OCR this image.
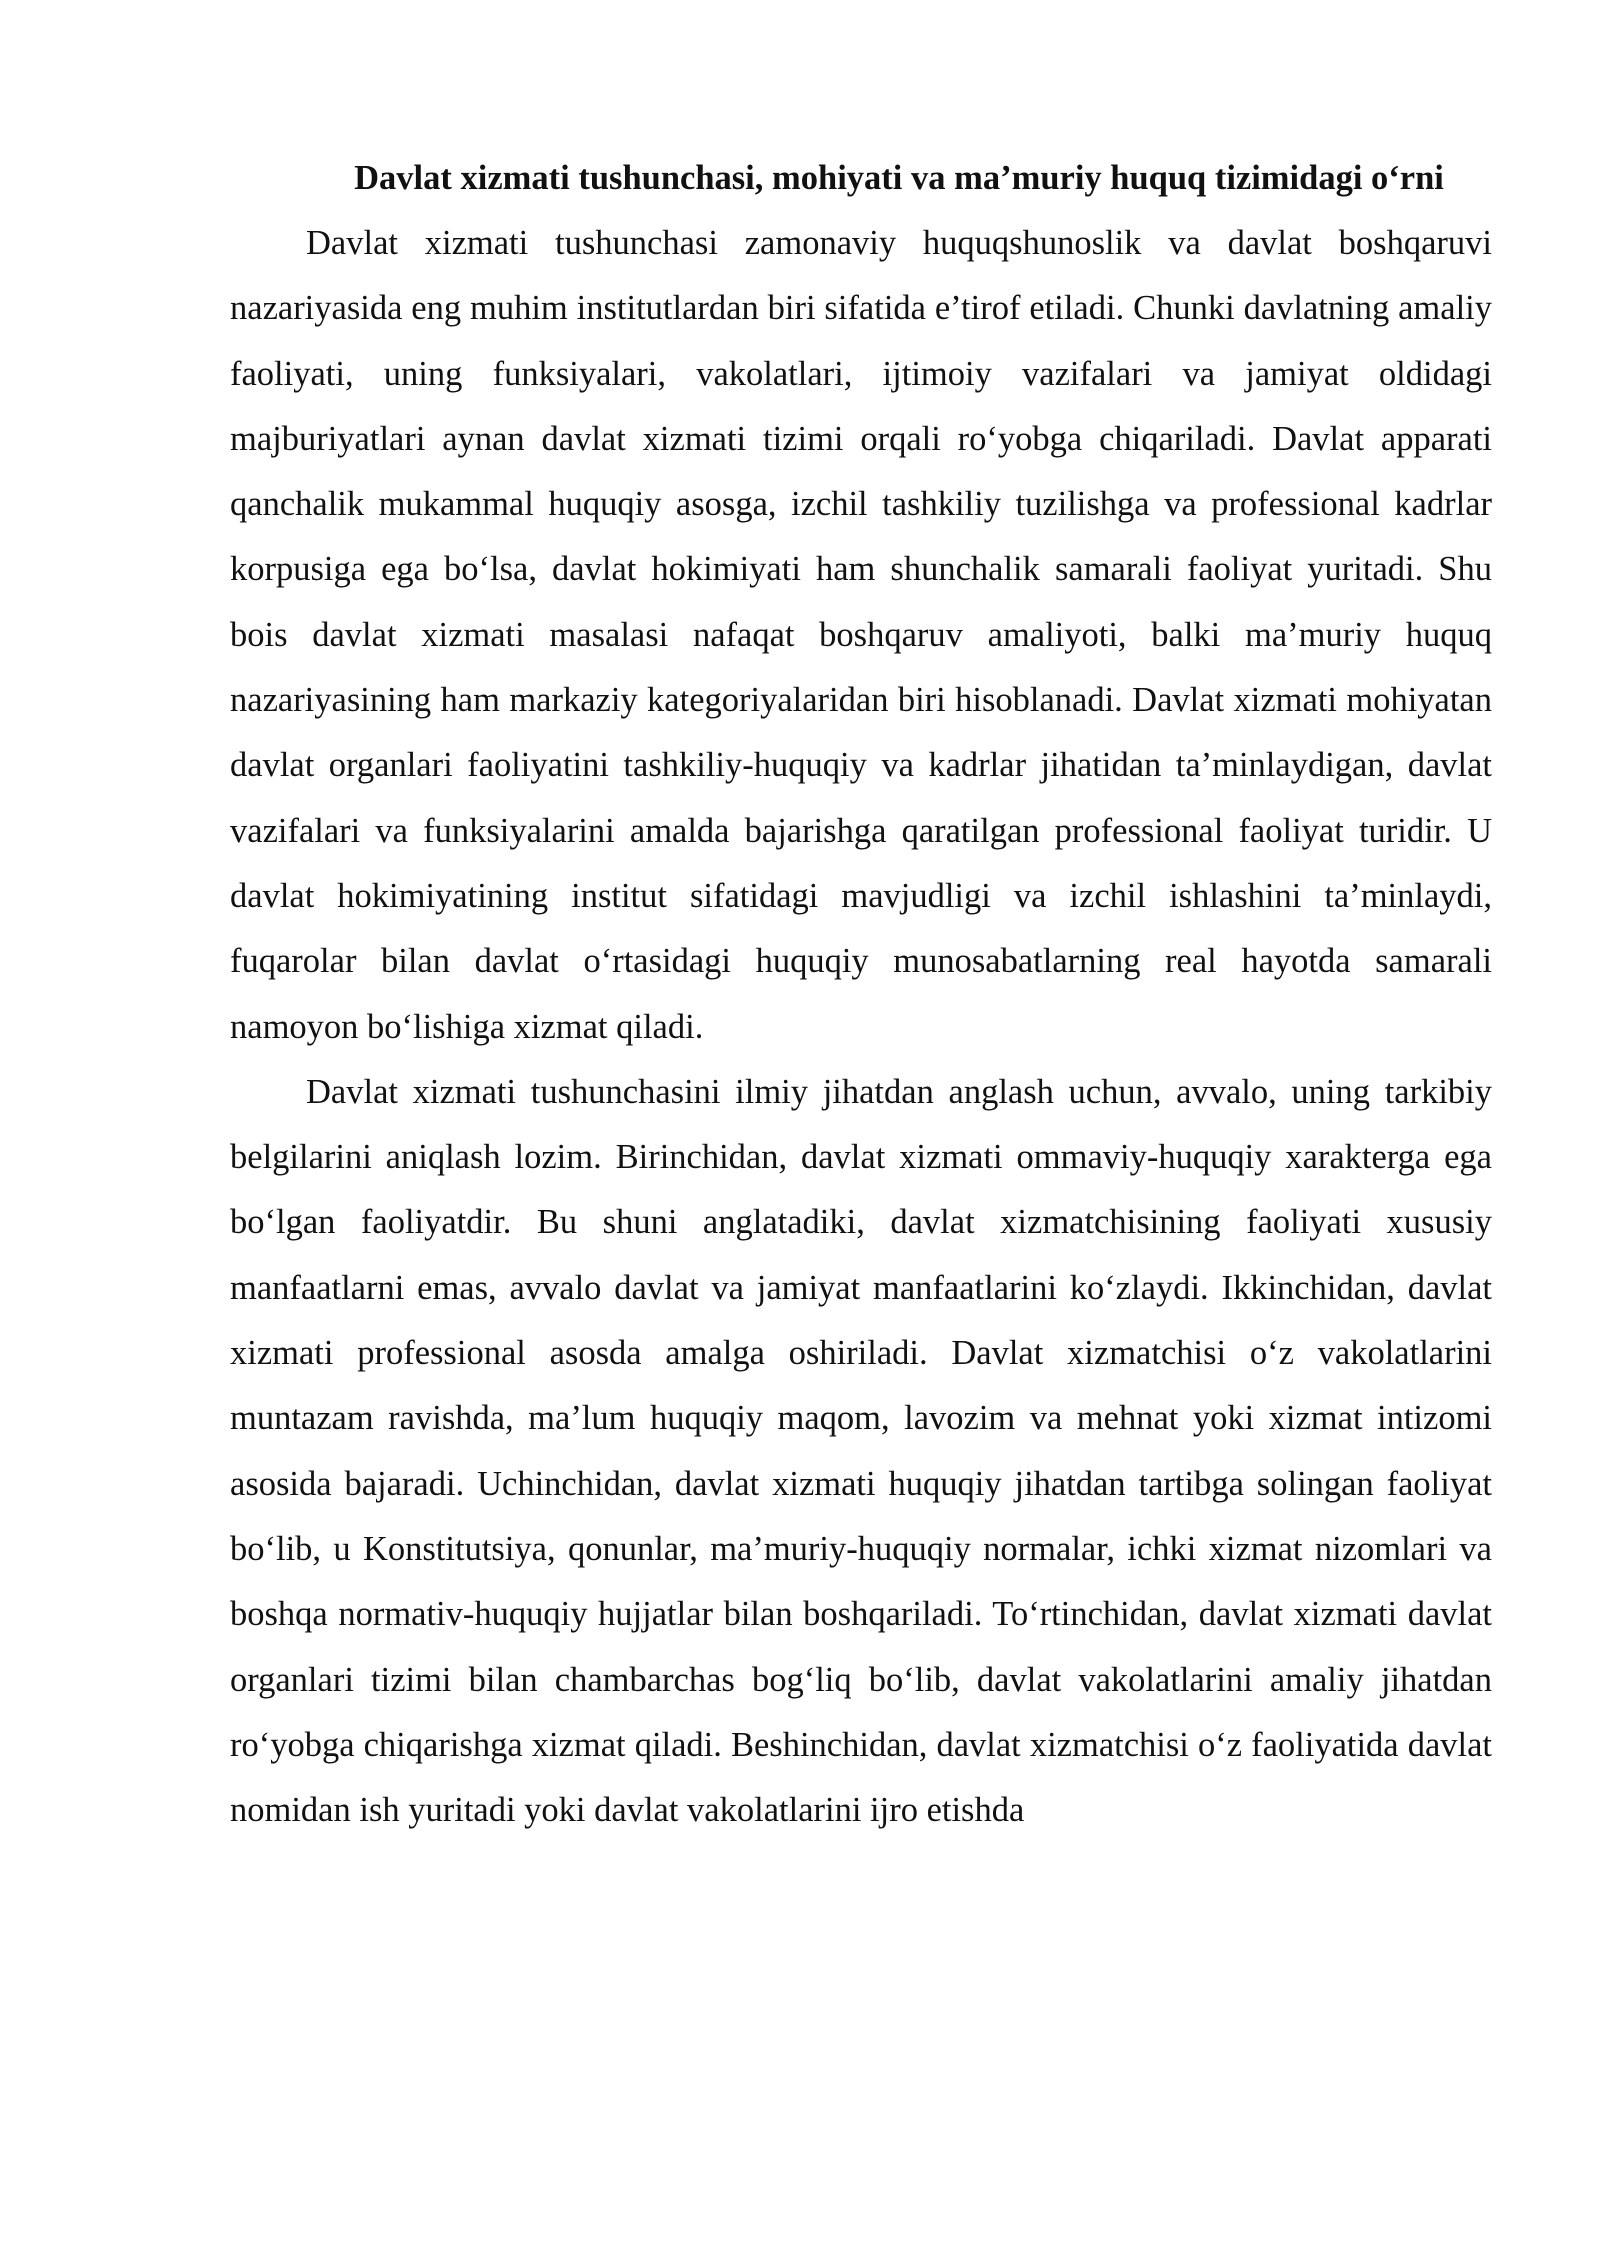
Davlat xizmati tushunchasi, mohiyati va ma’muriy huquq tizimidagi o‘rni

Davlat xizmati tushunchasi zamonaviy huquqshunoslik va davlat boshqaruvi nazariyasida eng muhim institutlardan biri sifatida e’tirof etiladi. Chunki davlatning amaliy faoliyati, uning funksiyalari, vakolatlari, ijtimoiy vazifalari va jamiyat oldidagi majburiyatlari aynan davlat xizmati tizimi orqali ro‘yobga chiqariladi. Davlat apparati qanchalik mukammal huquqiy asosga, izchil tashkiliy tuzilishga va professional kadrlar korpusiga ega bo‘lsa, davlat hokimiyati ham shunchalik samarali faoliyat yuritadi. Shu bois davlat xizmati masalasi nafaqat boshqaruv amaliyoti, balki ma’muriy huquq nazariyasining ham markaziy kategoriyalaridan biri hisoblanadi. Davlat xizmati mohiyatan davlat organlari faoliyatini tashkiliy-huquqiy va kadrlar jihatidan ta’minlaydigan, davlat vazifalari va funksiyalarini amalda bajarishga qaratilgan professional faoliyat turidir. U davlat hokimiyatining institut sifatidagi mavjudligi va izchil ishlashini ta’minlaydi, fuqarolar bilan davlat o‘rtasidagi huquqiy munosabatlarning real hayotda samarali namoyon bo‘lishiga xizmat qiladi.

Davlat xizmati tushunchasini ilmiy jihatdan anglash uchun, avvalo, uning tarkibiy belgilarini aniqlash lozim. Birinchidan, davlat xizmati ommaviy-huquqiy xarakterga ega bo‘lgan faoliyatdir. Bu shuni anglatadiki, davlat xizmatchisining faoliyati xususiy manfaatlarni emas, avvalo davlat va jamiyat manfaatlarini ko‘zlaydi. Ikkinchidan, davlat xizmati professional asosda amalga oshiriladi. Davlat xizmatchisi o‘z vakolatlarini muntazam ravishda, ma’lum huquqiy maqom, lavozim va mehnat yoki xizmat intizomi asosida bajaradi. Uchinchidan, davlat xizmati huquqiy jihatdan tartibga solingan faoliyat bo‘lib, u Konstitutsiya, qonunlar, ma’muriy-huquqiy normalar, ichki xizmat nizomlari va boshqa normativ-huquqiy hujjatlar bilan boshqariladi. To‘rtinchidan, davlat xizmati davlat organlari tizimi bilan chambarchas bog‘liq bo‘lib, davlat vakolatlarini amaliy jihatdan ro‘yobga chiqarishga xizmat qiladi. Beshinchidan, davlat xizmatchisi o‘z faoliyatida davlat nomidan ish yuritadi yoki davlat vakolatlarini ijro etishda
